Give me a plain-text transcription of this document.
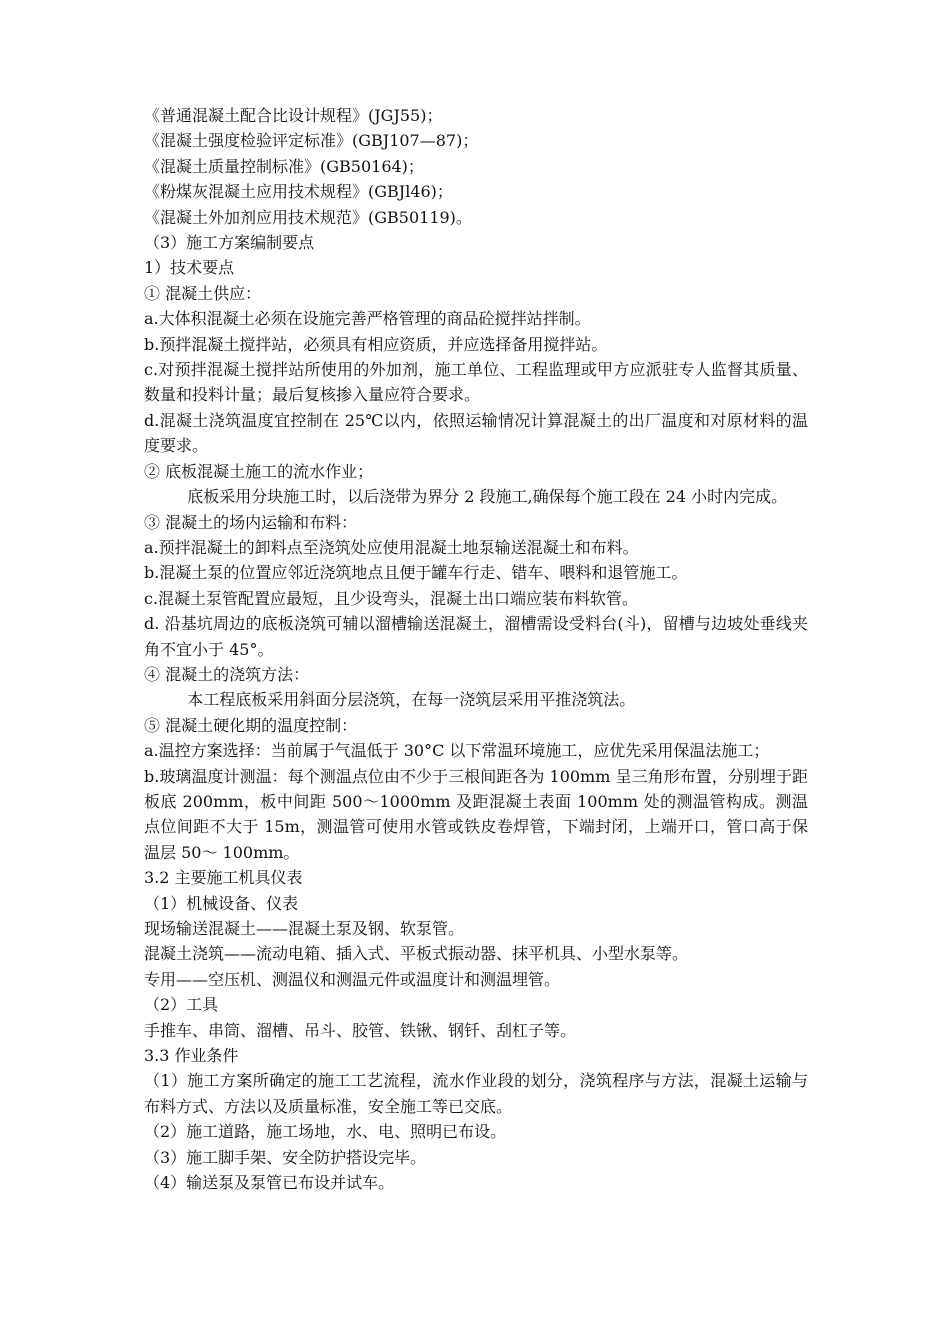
《普通混凝土配合比设计规程》(JGJ55)；

《混凝土强度检验评定标准》(GBJ107—87)；

《混凝土质量控制标准》(GB50164)；

《粉煤灰混凝土应用技术规程》(GBJl46)；

《混凝土外加剂应用技术规范》(GB50119)。

（3）施工方案编制要点

1）技术要点

① 混凝土供应：

a.大体积混凝土必须在设施完善严格管理的商品砼搅拌站拌制。

b.预拌混凝土搅拌站，必须具有相应资质，并应选择备用搅拌站。

c.对预拌混凝土搅拌站所使用的外加剂，施工单位、工程监理或甲方应派驻专人监督其质量、数量和投料计量；最后复核掺入量应符合要求。

d.混凝土浇筑温度宜控制在 25℃以内，依照运输情况计算混凝土的出厂温度和对原材料的温度要求。

② 底板混凝土施工的流水作业；

底板采用分块施工时，以后浇带为界分 2 段施工,确保每个施工段在 24 小时内完成。

③ 混凝土的场内运输和布料：

a.预拌混凝土的卸料点至浇筑处应使用混凝土地泵输送混凝土和布料。

b.混凝土泵的位置应邻近浇筑地点且便于罐车行走、错车、喂料和退管施工。

c.混凝土泵管配置应最短，且少设弯头，混凝土出口端应装布料软管。

d. 沿基坑周边的底板浇筑可辅以溜槽输送混凝土，溜槽需设受料台(斗)，留槽与边坡处垂线夹角不宜小于 45°。

④ 混凝土的浇筑方法：

本工程底板采用斜面分层浇筑，在每一浇筑层采用平推浇筑法。

⑤ 混凝土硬化期的温度控制：

a.温控方案选择：当前属于气温低于 30°C 以下常温环境施工，应优先采用保温法施工；

b.玻璃温度计测温：每个测温点位由不少于三根间距各为 100mm 呈三角形布置，分别埋于距板底 200mm，板中间距 500～1000mm 及距混凝土表面 100mm 处的测温管构成。测温点位间距不大于 15m，测温管可使用水管或铁皮卷焊管，下端封闭，上端开口，管口高于保温层 50～ 100mm。

3.2 主要施工机具仪表

（1）机械设备、仪表

现场输送混凝土——混凝土泵及钢、软泵管。

混凝土浇筑——流动电箱、插入式、平板式振动器、抹平机具、小型水泵等。

专用——空压机、测温仪和测温元件或温度计和测温埋管。

（2）工具

手推车、串筒、溜槽、吊斗、胶管、铁锹、钢钎、刮杠子等。

3.3 作业条件

（1）施工方案所确定的施工工艺流程，流水作业段的划分，浇筑程序与方法，混凝土运输与布料方式、方法以及质量标准，安全施工等已交底。

（2）施工道路，施工场地，水、电、照明已布设。

（3）施工脚手架、安全防护搭设完毕。

（4）输送泵及泵管已布设并试车。
